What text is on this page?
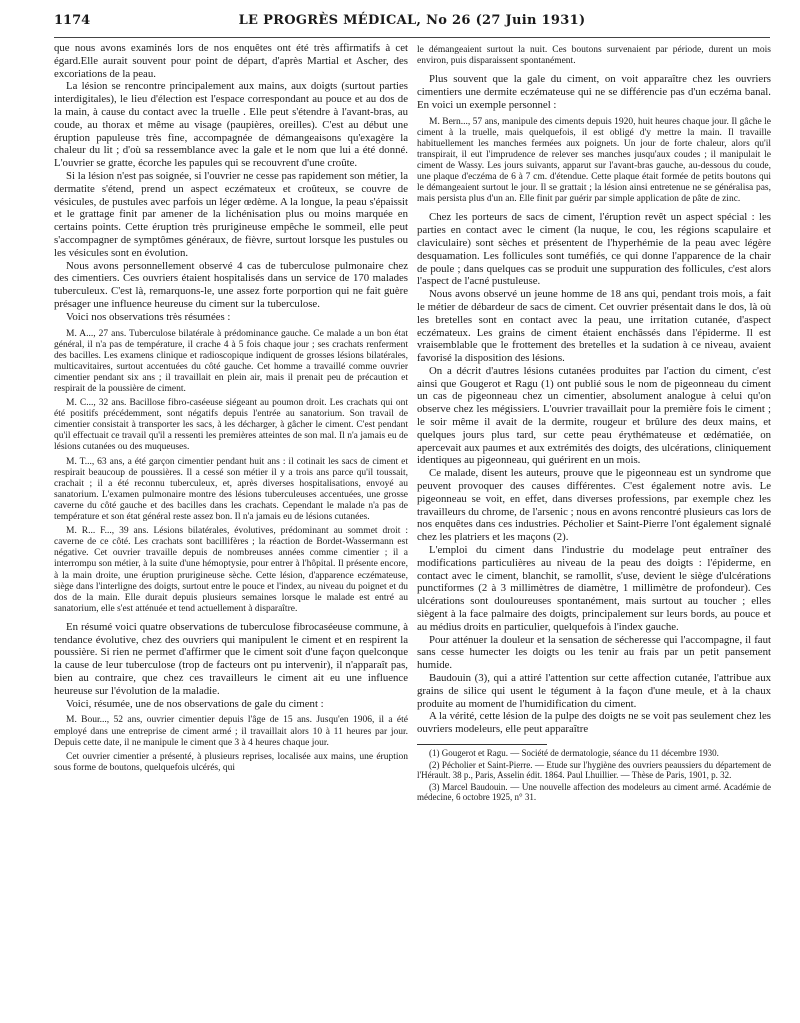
1174	LE PROGRÈS MÉDICAL, No 26 (27 Juin 1931)

que nous avons examinés lors de nos enquêtes ont été très affirmatifs à cet égard.Elle aurait souvent pour point de départ, d'après Martial et Ascher, des excoriations de la peau.

La lésion se rencontre principalement aux mains, aux doigts (surtout parties interdigitales), le lieu d'élection est l'espace correspondant au pouce et au dos de la main, à cause du contact avec la truelle . Elle peut s'étendre à l'avant-bras, au coude, au thorax et même au visage (paupières, oreilles). C'est au début une éruption papuleuse très fine, accompagnée de démangeaisons qu'exagère la chaleur du lit ; d'où sa ressemblance avec la gale et le nom que lui a été donné. L'ouvrier se gratte, écorche les papules qui se recouvrent d'une croûte.

Si la lésion n'est pas soignée, si l'ouvrier ne cesse pas rapidement son métier, la dermatite s'étend, prend un aspect eczémateux et croûteux, se couvre de vésicules, de pustules avec parfois un léger œdème. A la longue, la peau s'épaissit et le grattage finit par amener de la lichénisation plus ou moins marquée en certains points. Cette éruption très prurigineuse empêche le sommeil, elle peut s'accompagner de symptômes généraux, de fièvre, surtout lorsque les pustules ou les vésicules sont en évolution.

Nous avons personnellement observé 4 cas de tuberculose pulmonaire chez des cimentiers. Ces ouvriers étaient hospitalisés dans un service de 170 malades tuberculeux. C'est là, remarquons-le, une assez forte porportion qui ne fait guère présager une influence heureuse du ciment sur la tuberculose.

Voici nos observations très résumées :

M. A..., 27 ans. Tuberculose bilatérale à prédominance gauche. Ce malade a un bon état général, il n'a pas de température, il crache 4 à 5 fois chaque jour ; ses crachats renferment des bacilles. Les examens clinique et radioscopique indiquent de grosses lésions bilatérales, multicavitaires, surtout accentuées du côté gauche. Cet homme a travaillé comme ouvrier cimentier pendant six ans ; il travaillait en plein air, mais il prenait peu de précaution et respirait de la poussière de ciment.

M. C..., 32 ans. Bacillose fibro-caséeuse siégeant au poumon droit. Les crachats qui ont été positifs précédemment, sont négatifs depuis l'entrée au sanatorium. Son travail de cimentier consistait à transporter les sacs, à les décharger, à gâcher le ciment. C'est pendant qu'il effectuait ce travail qu'il a ressenti les premières atteintes de son mal. Il n'a jamais eu de lésions cutanées ou des muqueuses.

M. T..., 63 ans, a été garçon cimentier pendant huit ans : il cotinait les sacs de ciment et respirait beaucoup de poussières. Il a cessé son métier il y a trois ans parce qu'il toussait, crachait ; il a été reconnu tuberculeux, et, après diverses hospitalisations, envoyé au sanatorium. L'examen pulmonaire montre des lésions tuberculeuses accentuées, une grosse caverne du côté gauche et des bacilles dans les crachats. Cependant le malade n'a pas de température et son état général reste assez bon. Il n'a jamais eu de lésions cutanées.

M. R... F..., 39 ans. Lésions bilatérales, évolutives, prédominant au sommet droit : caverne de ce côté. Les crachats sont bacillifères ; la réaction de Bordet-Wassermann est négative. Cet ouvrier travaille depuis de nombreuses années comme cimentier ; il a interrompu son métier, à la suite d'une hémoptysie, pour entrer à l'hôpital. Il présente encore, à la main droite, une éruption prurigineuse sèche. Cette lésion, d'apparence eczémateuse, siège dans l'interligne des doigts, surtout entre le pouce et l'index, au niveau du poignet et du dos de la main. Elle durait depuis plusieurs semaines lorsque le malade est entré au sanatorium, elle s'est atténuée et tend actuellement à disparaître.

En résumé voici quatre observations de tuberculose fibrocaséeuse commune, à tendance évolutive, chez des ouvriers qui manipulent le ciment et en respirent la poussière. Si rien ne permet d'affirmer que le ciment soit d'une façon quelconque la cause de leur tuberculose (trop de facteurs ont pu intervenir), il n'apparaît pas, bien au contraire, que chez ces travailleurs le ciment ait eu une influence heureuse sur l'évolution de la maladie.

Voici, résumée, une de nos observations de gale du ciment :

M. Bour..., 52 ans, ouvrier cimentier depuis l'âge de 15 ans. Jusqu'en 1906, il a été employé dans une entreprise de ciment armé ; il travaillait alors 10 à 11 heures par jour. Depuis cette date, il ne manipule le ciment que 3 à 4 heures chaque jour.

Cet ouvrier cimentier a présenté, à plusieurs reprises, localisée aux mains, une éruption sous forme de boutons, quelquefois ulcérés, qui

le démangeaient surtout la nuit. Ces boutons survenaient par période, durent un mois environ, puis disparaissent spontanément.

Plus souvent que la gale du ciment, on voit apparaître chez les ouvriers cimentiers une dermite eczémateuse qui ne se différencie pas d'un eczéma banal. En voici un exemple personnel :

M. Bern..., 57 ans, manipule des ciments depuis 1920, huit heures chaque jour. Il gâche le ciment à la truelle, mais quelquefois, il est obligé d'y mettre la main. Il travaille habituellement les manches fermées aux poignets. Un jour de forte chaleur, alors qu'il transpirait, il eut l'imprudence de relever ses manches jusqu'aux coudes ; il manipulait le ciment de Wassy. Les jours suivants, apparut sur l'avant-bras gauche, au-dessous du coude, une plaque d'eczéma de 6 à 7 cm. d'étendue. Cette plaque était formée de petits boutons qui le démangeaient surtout le jour. Il se grattait ; la lésion ainsi entretenue ne se généralisa pas, mais persista plus d'un an. Elle finit par guérir par simple application de pâte de zinc.

Chez les porteurs de sacs de ciment, l'éruption revêt un aspect spécial : les parties en contact avec le ciment (la nuque, le cou, les régions scapulaire et claviculaire) sont sèches et présentent de l'hyperhémie de la peau avec légère desquamation. Les follicules sont tuméfiés, ce qui donne l'apparence de la chair de poule ; dans quelques cas se produit une suppuration des follicules, c'est alors l'aspect de l'acné pustuleuse.

Nous avons observé un jeune homme de 18 ans qui, pendant trois mois, a fait le métier de débardeur de sacs de ciment. Cet ouvrier présentait dans le dos, là où les bretelles sont en contact avec la peau, une irritation cutanée, d'aspect eczémateux. Les grains de ciment étaient enchâssés dans l'épiderme. Il est vraisemblable que le frottement des bretelles et la sudation à ce niveau, avaient favorisé la disposition des lésions.

On a décrit d'autres lésions cutanées produites par l'action du ciment, c'est ainsi que Gougerot et Ragu (1) ont publié sous le nom de pigeonneau du ciment un cas de pigeonneau chez un cimentier, absolument analogue à celui qu'on observe chez les mégissiers. L'ouvrier travaillait pour la première fois le ciment ; le soir même il avait de la dermite, rougeur et brûlure des deux mains, et quelques jours plus tard, sur cette peau érythémateuse et œdématiée, on apercevait aux paumes et aux extrémités des doigts, des ulcérations, cliniquement identiques au pigeonneau, qui guérirent en un mois.

Ce malade, disent les auteurs, prouve que le pigeonneau est un syndrome que peuvent provoquer des causes différentes. C'est également notre avis. Le pigeonneau se voit, en effet, dans diverses professions, par exemple chez les travailleurs du chrome, de l'arsenic ; nous en avons rencontré plusieurs cas lors de nos enquêtes dans ces industries. Pécholier et Saint-Pierre l'ont également signalé chez les platriers et les maçons (2).

L'emploi du ciment dans l'industrie du modelage peut entraîner des modifications particulières au niveau de la peau des doigts : l'épiderme, en contact avec le ciment, blanchit, se ramollit, s'use, devient le siège d'ulcérations punctiformes (2 à 3 millimètres de diamètre, 1 millimètre de profondeur). Ces ulcérations sont douloureuses spontanément, mais surtout au toucher ; elles siègent à la face palmaire des doigts, principalement sur leurs bords, au pouce et au médius droits en particulier, quelquefois à l'index gauche.

Pour atténuer la douleur et la sensation de sécheresse qui l'accompagne, il faut sans cesse humecter les doigts ou les tenir au frais par un petit pansement humide.

Baudouin (3), qui a attiré l'attention sur cette affection cutanée, l'attribue aux grains de silice qui usent le tégument à la façon d'une meule, et à la chaux produite au moment de l'humidification du ciment.

A la vérité, cette lésion de la pulpe des doigts ne se voit pas seulement chez les ouvriers modeleurs, elle peut apparaître

(1) Gougerot et Ragu. — Société de dermatologie, séance du 11 décembre 1930.

(2) Pécholier et Saint-Pierre. — Etude sur l'hygiène des ouvriers peaussiers du département de l'Hérault. 38 p., Paris, Asselin édit. 1864. Paul Lhuillier. — Thèse de Paris, 1901, p. 32.

(3) Marcel Baudouin. — Une nouvelle affection des modeleurs au ciment armé. Académie de médecine, 6 octobre 1925, n° 31.
